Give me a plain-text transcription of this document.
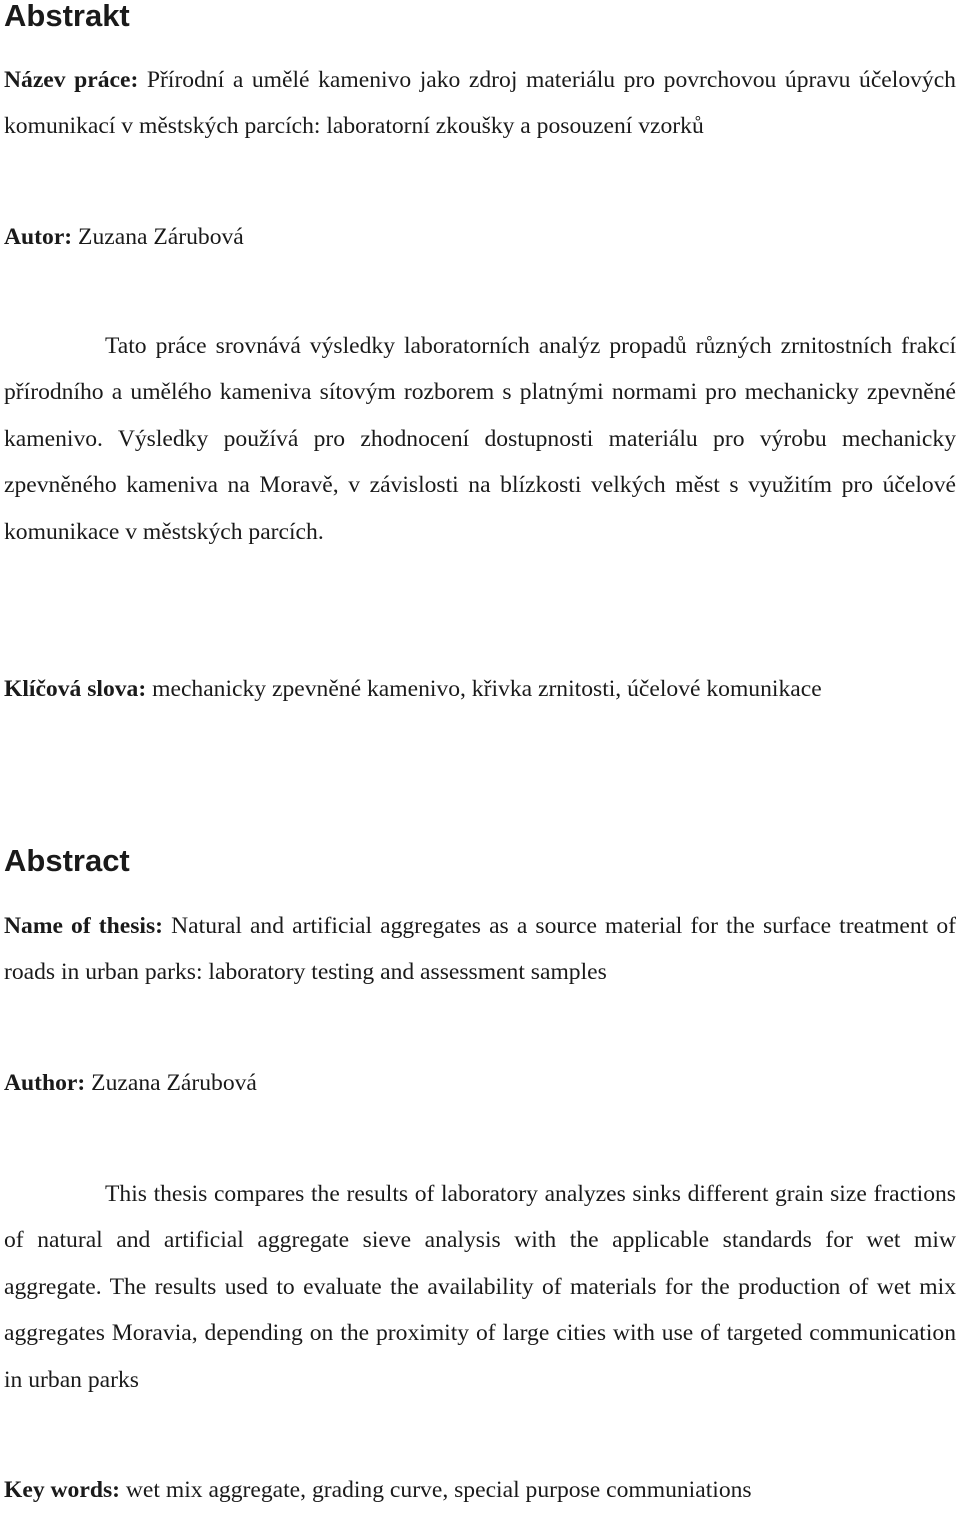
Abstrakt
Název práce: Přírodní a umělé kamenivo jako zdroj materiálu pro povrchovou úpravu účelových komunikací v městských parcích: laboratorní zkoušky a posouzení vzorků
Autor: Zuzana Zárubová

Tato práce srovnává výsledky laboratorních analýz propadů různých zrnitostních frakcí přírodního a umělého kameniva sítovým rozborem s platnými normami pro mechanicky zpevněné kamenivo. Výsledky používá pro zhodnocení dostupnosti materiálu pro výrobu mechanicky zpevněného kameniva na Moravě, v závislosti na blízkosti velkých měst s využitím pro účelové komunikace v městských parcích.

Klíčová slova: mechanicky zpevněné kamenivo, křivka zrnitosti, účelové komunikace
Abstract
Name of thesis: Natural and artificial aggregates as a source material for the surface treatment of roads in urban parks: laboratory testing and assessment samples
Author: Zuzana Zárubová

This thesis compares the results of laboratory analyzes sinks different grain size fractions of natural and artificial aggregate sieve analysis with the applicable standards for wet miw aggregate. The results used to evaluate the availability of materials for the production of wet mix aggregates Moravia, depending on the proximity of large cities with use of targeted communication in urban parks

Key words: wet mix aggregate, grading curve, special purpose communiations
